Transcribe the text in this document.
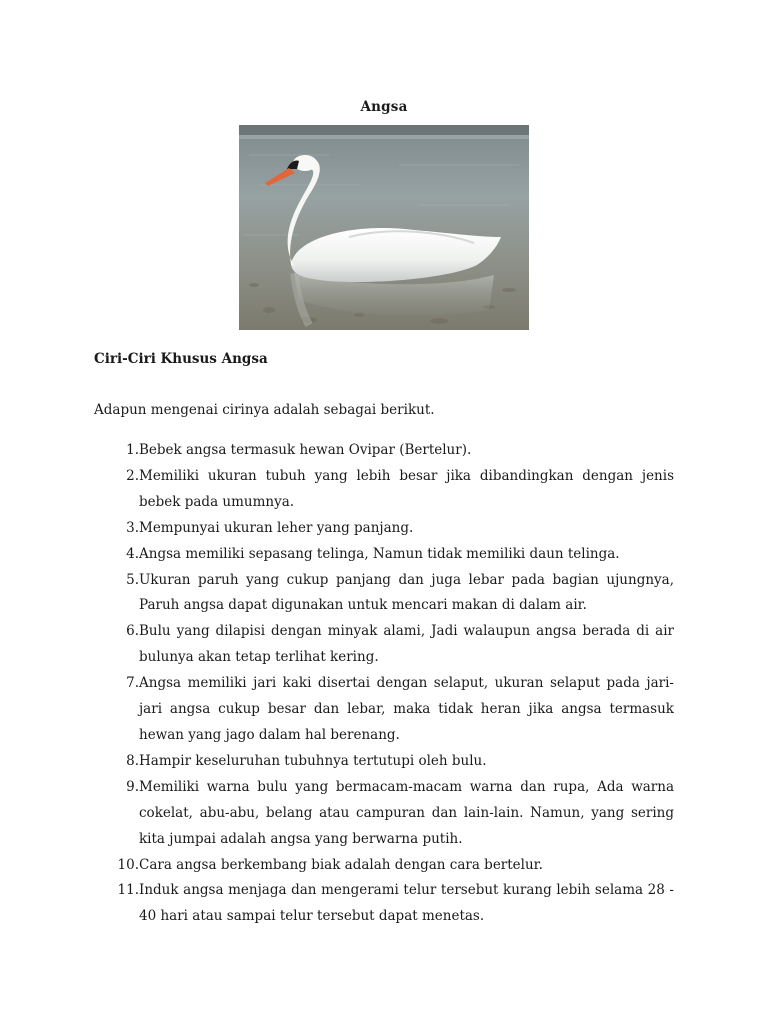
Angsa
Ciri-Ciri Khusus Angsa
Adapun mengenai cirinya adalah sebagai berikut.
1. Bebek angsa termasuk hewan Ovipar (Bertelur).
2. Memiliki ukuran tubuh yang lebih besar jika dibandingkan dengan jenis bebek pada umumnya.
3. Mempunyai ukuran leher yang panjang.
4. Angsa memiliki sepasang telinga, Namun tidak memiliki daun telinga.
5. Ukuran paruh yang cukup panjang dan juga lebar pada bagian ujungnya, Paruh angsa dapat digunakan untuk mencari makan di dalam air.
6. Bulu yang dilapisi dengan minyak alami, Jadi walaupun angsa berada di air bulunya akan tetap terlihat kering.
7. Angsa memiliki jari kaki disertai dengan selaput, ukuran selaput pada jari-jari angsa cukup besar dan lebar, maka tidak heran jika angsa termasuk hewan yang jago dalam hal berenang.
8. Hampir keseluruhan tubuhnya tertutupi oleh bulu.
9. Memiliki warna bulu yang bermacam-macam warna dan rupa, Ada warna cokelat, abu-abu, belang atau campuran dan lain-lain. Namun, yang sering kita jumpai adalah angsa yang berwarna putih.
10. Cara angsa berkembang biak adalah dengan cara bertelur.
11. Induk angsa menjaga dan mengerami telur tersebut kurang lebih selama 28 - 40 hari atau sampai telur tersebut dapat menetas.
